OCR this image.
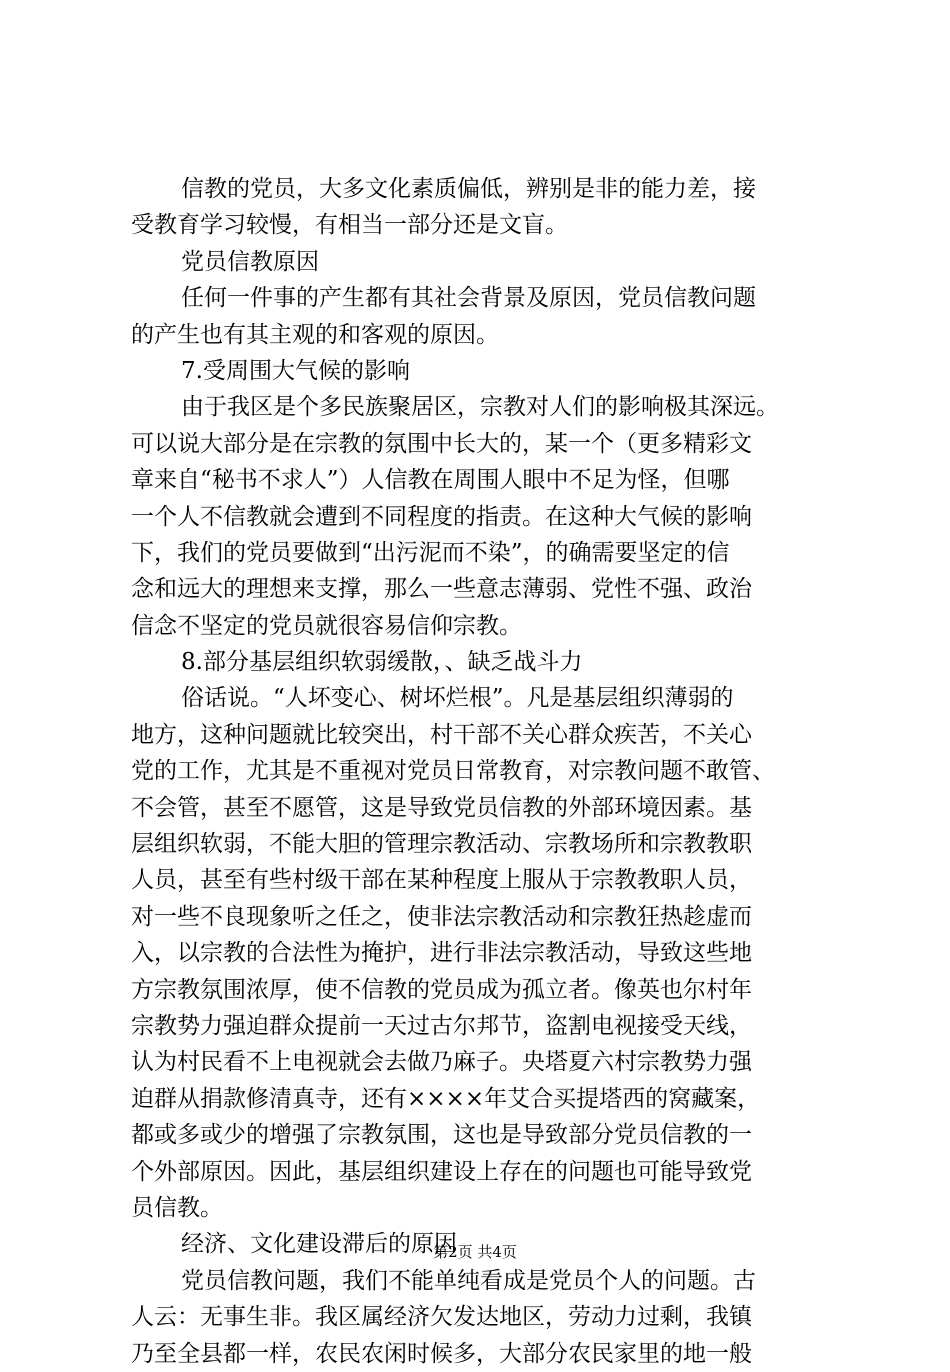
信教的党员，大多文化素质偏低，辨别是非的能力差，接
受教育学习较慢，有相当一部分还是文盲。
党员信教原因
任何一件事的产生都有其社会背景及原因，党员信教问题
的产生也有其主观的和客观的原因。
7.受周围大气候的影响
由于我区是个多民族聚居区，宗教对人们的影响极其深远。
可以说大部分是在宗教的氛围中长大的，某一个（更多精彩文
章来自“秘书不求人”）人信教在周围人眼中不足为怪，但哪
一个人不信教就会遭到不同程度的指责。在这种大气候的影响
下，我们的党员要做到“出污泥而不染”，的确需要坚定的信
念和远大的理想来支撑，那么一些意志薄弱、党性不强、政治
信念不坚定的党员就很容易信仰宗教。
8.部分基层组织软弱缓散，、缺乏战斗力
俗话说。“人坏变心、树坏烂根”。凡是基层组织薄弱的
地方，这种问题就比较突出，村干部不关心群众疾苦，不关心
党的工作，尤其是不重视对党员日常教育，对宗教问题不敢管、
不会管，甚至不愿管，这是导致党员信教的外部环境因素。基
层组织软弱，不能大胆的管理宗教活动、宗教场所和宗教教职
人员，甚至有些村级干部在某种程度上服从于宗教教职人员，
对一些不良现象听之任之，使非法宗教活动和宗教狂热趁虚而
入，以宗教的合法性为掩护，进行非法宗教活动，导致这些地
方宗教氛围浓厚，使不信教的党员成为孤立者。像英也尔村年
宗教势力强迫群众提前一天过古尔邦节，盗割电视接受天线，
认为村民看不上电视就会去做乃麻子。央塔夏六村宗教势力强
迫群从捐款修清真寺，还有××××年艾合买提塔西的窝藏案，
都或多或少的增强了宗教氛围，这也是导致部分党员信教的一
个外部原因。因此，基层组织建设上存在的问题也可能导致党
员信教。
经济、文化建设滞后的原因
党员信教问题，我们不能单纯看成是党员个人的问题。古
人云：无事生非。我区属经济欠发达地区，劳动力过剩，我镇
乃至全县都一样，农民农闲时候多，大部分农民家里的地一般
第2页 共4页
